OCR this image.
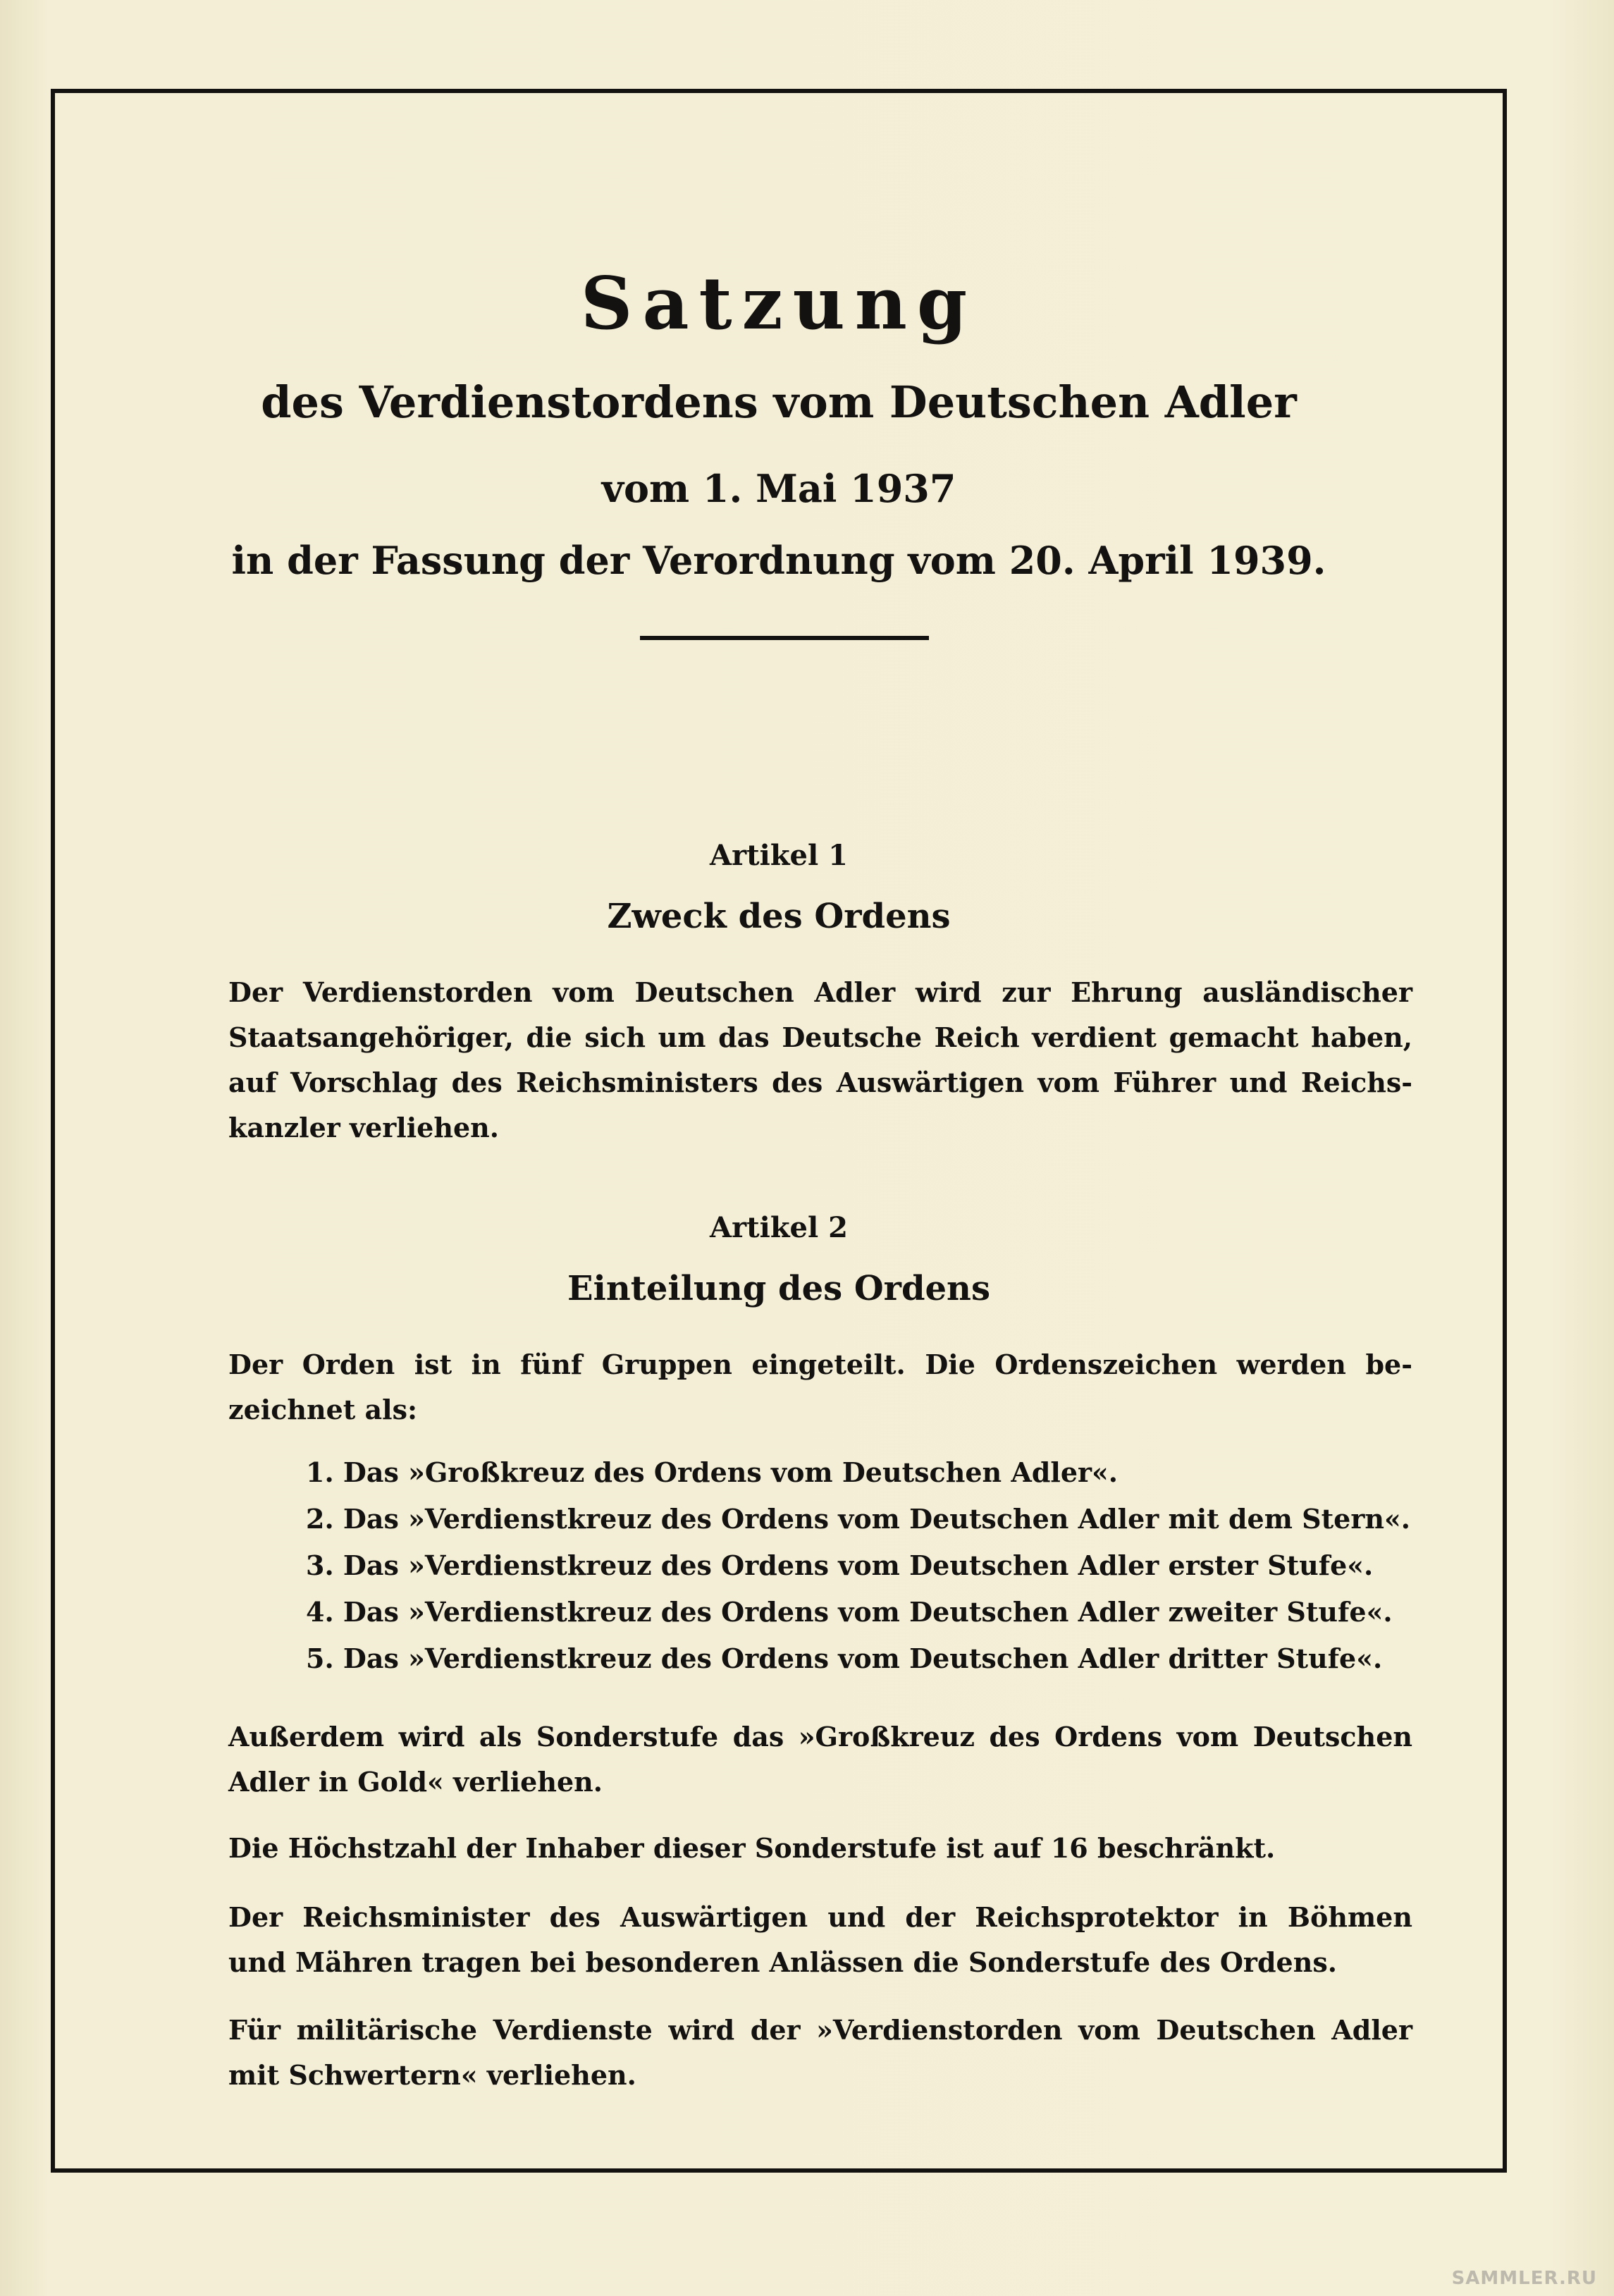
Satzung
des Verdienstordens vom Deutschen Adler
vom 1. Mai 1937
in der Fassung der Verordnung vom 20. April 1939.
Artikel 1
Zweck des Ordens
Der Verdienstorden vom Deutschen Adler wird zur Ehrung ausländischer
Staatsangehöriger, die sich um das Deutsche Reich verdient gemacht haben,
auf Vorschlag des Reichsministers des Auswärtigen vom Führer und Reichs-
kanzler verliehen.
Artikel 2
Einteilung des Ordens
Der Orden ist in fünf Gruppen eingeteilt. Die Ordenszeichen werden be-
zeichnet als:
1. Das »Großkreuz des Ordens vom Deutschen Adler«.
2. Das »Verdienstkreuz des Ordens vom Deutschen Adler mit dem Stern«.
3. Das »Verdienstkreuz des Ordens vom Deutschen Adler erster Stufe«.
4. Das »Verdienstkreuz des Ordens vom Deutschen Adler zweiter Stufe«.
5. Das »Verdienstkreuz des Ordens vom Deutschen Adler dritter Stufe«.
Außerdem wird als Sonderstufe das »Großkreuz des Ordens vom Deutschen
Adler in Gold« verliehen.
Die Höchstzahl der Inhaber dieser Sonderstufe ist auf 16 beschränkt.
Der Reichsminister des Auswärtigen und der Reichsprotektor in Böhmen
und Mähren tragen bei besonderen Anlässen die Sonderstufe des Ordens.
Für militärische Verdienste wird der »Verdienstorden vom Deutschen Adler
mit Schwertern« verliehen.
SAMMLER.RU
